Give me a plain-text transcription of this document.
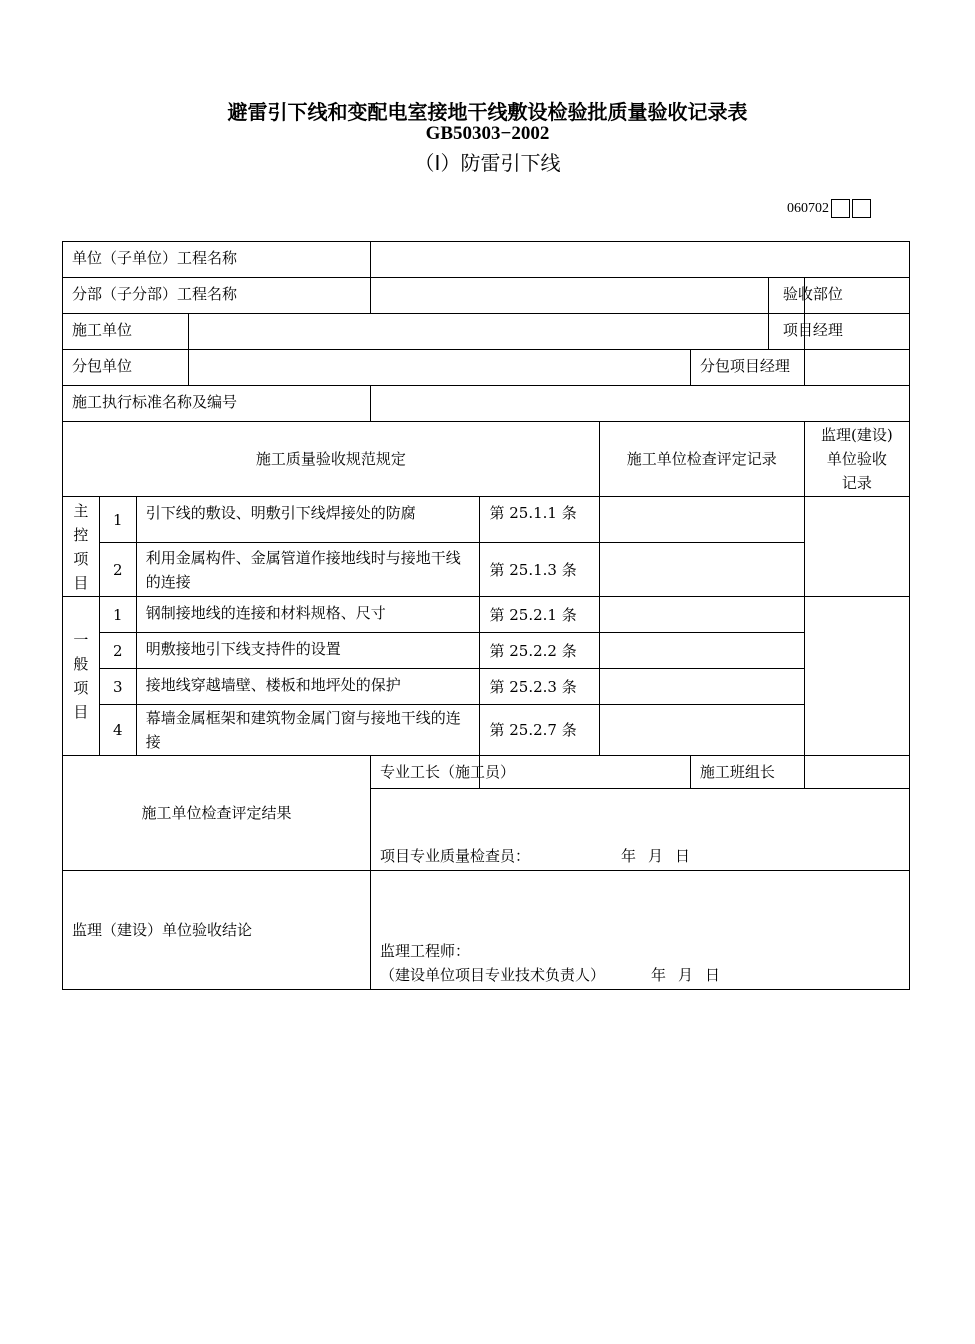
避雷引下线和变配电室接地干线敷设检验批质量验收记录表
GB50303−2002
（Ⅰ）防雷引下线
060702
单位（子单位）工程名称									
分部（子分部）工程名称								验收部位	
施工单位								项目经理	
分包单位							分包项目经理		
施工执行标准名称及编号									
施工质量验收规范规定						施工单位检查评定记录			监理(建设)
单位验收
记录

主
控
项
目	1	引下线的敷设、明敷引下线焊接处的防腐			第 25.1.1 条				
	2	利用金属构件、金属管道作接地线时与接地干线的连接			第 25.1.3 条				

一
般
项
目	1	钢制接地线的连接和材料规格、尺寸			第 25.2.1 条				
	2	明敷接地引下线支持件的设置			第 25.2.2 条				
	3	接地线穿越墙壁、楼板和地坪处的保护			第 25.2.3 条				
	4	幕墙金属框架和建筑物金属门窗与接地干线的连接			第 25.2.7 条				
施工单位检查评定结果				专业工长（施工员）			施工班组长		

				项目专业质量检查员： 年 月 日					

监理（建设）单位验收结论				监理工程师：
（建设单位项目专业技术负责人） 年 月 日					
